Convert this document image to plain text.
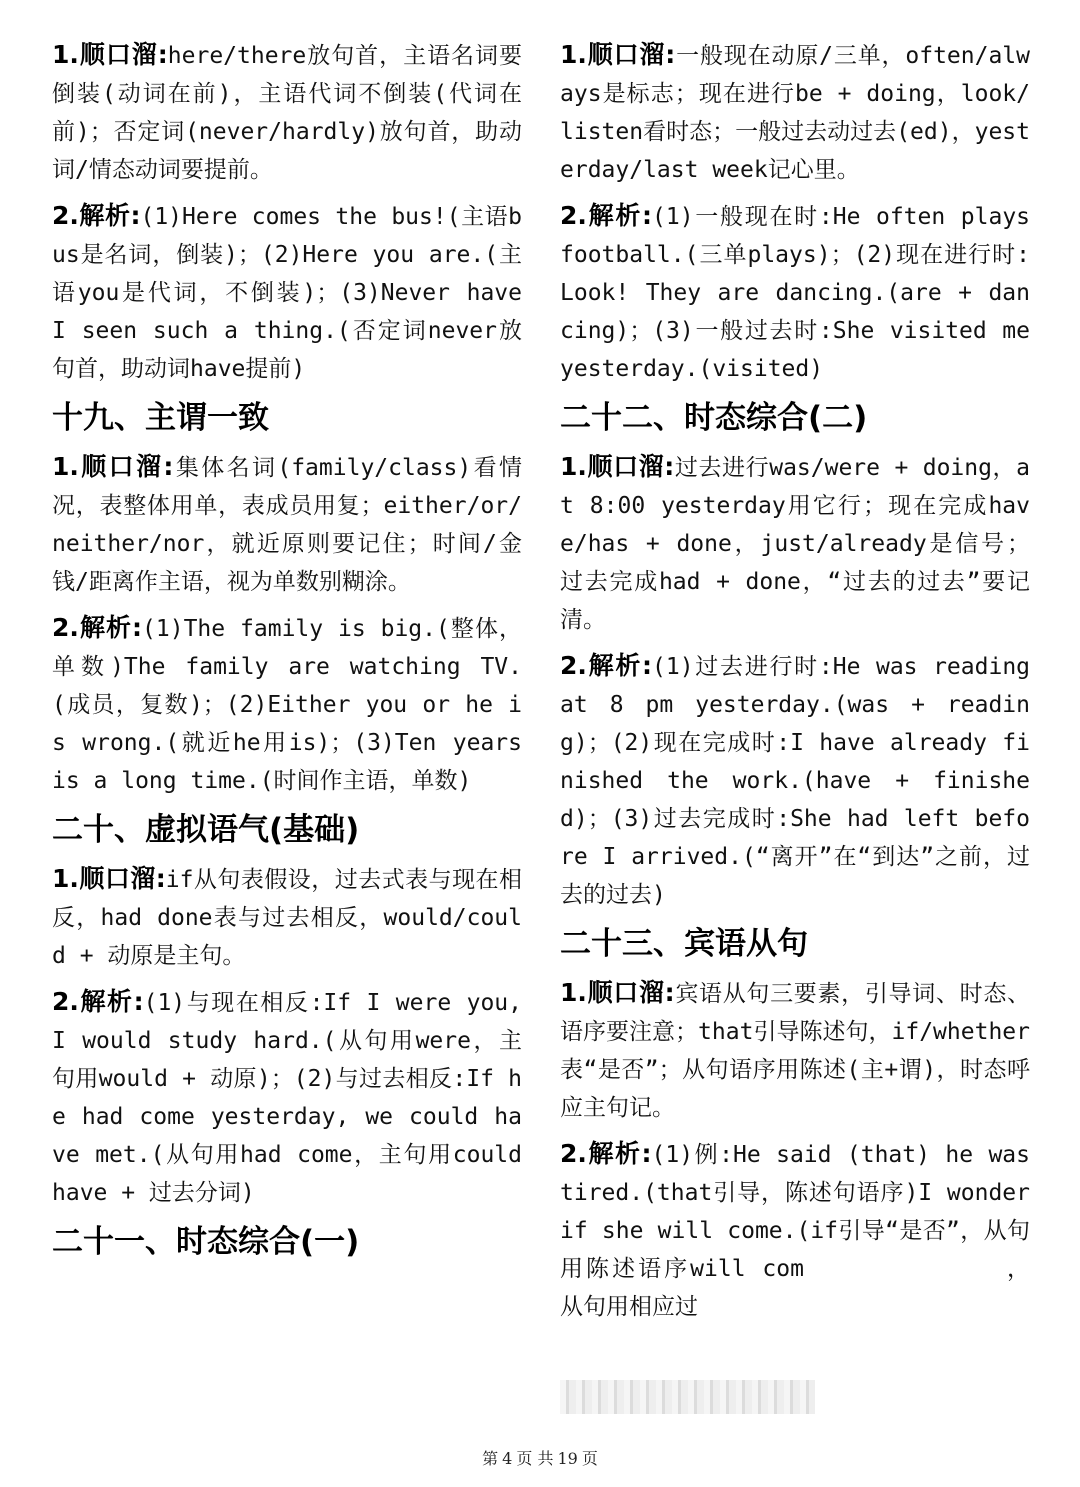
1.顺口溜:here/there放句首，主语名词要倒装(动词在前)，主语代词不倒装(代词在前)；否定词(never/hardly)放句首，助动词/情态动词要提前。

2.解析:(1)Here comes the bus!(主语bus是名词，倒装)；(2)Here you are.(主语you是代词，不倒装)；(3)Never have I seen such a thing.(否定词never放句首，助动词have提前)

十九、主谓一致

1.顺口溜:集体名词(family/class)看情况，表整体用单，表成员用复；either/or/neither/nor，就近原则要记住；时间/金钱/距离作主语，视为单数别糊涂。

2.解析:(1)The family is big.(整体，单数)The family are watching TV.(成员，复数)；(2)Either you or he is wrong.(就近he用is)；(3)Ten years is a long time.(时间作主语，单数)

二十、虚拟语气(基础)

1.顺口溜:if从句表假设，过去式表与现在相反，had done表与过去相反，would/could + 动原是主句。

2.解析:(1)与现在相反:If I were you, I would study hard.(从句用were，主句用would + 动原)；(2)与过去相反:If he had come yesterday, we could have met.(从句用had come，主句用could have + 过去分词)

二十一、时态综合(一)

1.顺口溜:一般现在动原/三单，often/always是标志；现在进行be + doing，look/listen看时态；一般过去动过去(ed)，yesterday/last week记心里。

2.解析:(1)一般现在时:He often plays football.(三单plays)；(2)现在进行时:Look! They are dancing.(are + dancing)；(3)一般过去时:She visited me yesterday.(visited)

二十二、时态综合(二)

1.顺口溜:过去进行was/were + doing，at 8:00 yesterday用它行；现在完成have/has + done，just/already是信号；过去完成had + done，“过去的过去”要记清。

2.解析:(1)过去进行时:He was reading at 8 pm yesterday.(was + reading)；(2)现在完成时:I have already finished the work.(have + finished)；(3)过去完成时:She had left before I arrived.(“离开”在“到达”之前，过去的过去)

二十三、宾语从句

1.顺口溜:宾语从句三要素，引导词、时态、语序要注意；that引导陈述句，if/whether表“是否”；从句语序用陈述(主+谓)，时态呼应主句记。

2.解析:(1)例:He said (that) he was tired.(that引导，陈述句语序)I wonder if she will come.(if引导“是否”，从句用陈述语序will com	，从句用相应过

第 4 页 共 19 页
